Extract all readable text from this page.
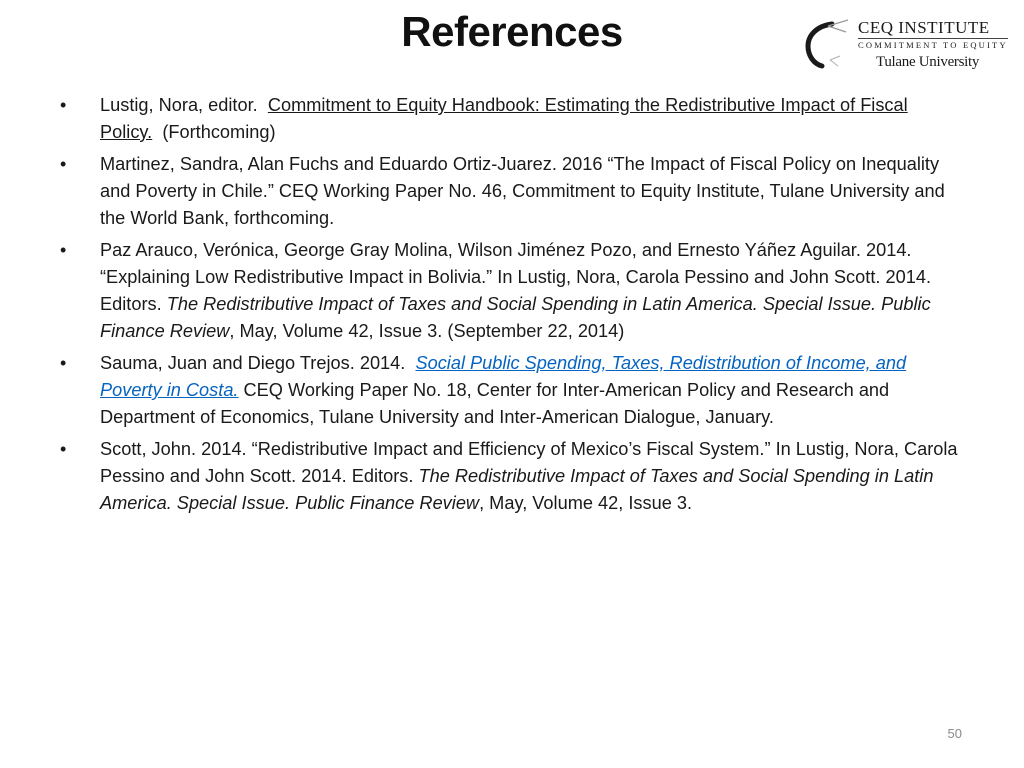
References	CEQ INSTITUTE
COMMITMENT TO EQUITY
Tulane University
• Lustig, Nora, editor. Commitment to Equity Handbook: Estimating the Redistributive Impact of Fiscal Policy. (Forthcoming)
• Martinez, Sandra, Alan Fuchs and Eduardo Ortiz-Juarez. 2016 “The Impact of Fiscal Policy on Inequality and Poverty in Chile.” CEQ Working Paper No. 46, Commitment to Equity Institute, Tulane University and the World Bank, forthcoming.
• Paz Arauco, Verónica, George Gray Molina, Wilson Jiménez Pozo, and Ernesto Yáñez Aguilar. 2014. “Explaining Low Redistributive Impact in Bolivia.” In Lustig, Nora, Carola Pessino and John Scott. 2014. Editors. The Redistributive Impact of Taxes and Social Spending in Latin America. Special Issue. Public Finance Review, May, Volume 42, Issue 3. (September 22, 2014)
• Sauma, Juan and Diego Trejos. 2014. Social Public Spending, Taxes, Redistribution of Income, and Poverty in Costa. CEQ Working Paper No. 18, Center for Inter-American Policy and Research and Department of Economics, Tulane University and Inter-American Dialogue, January.
• Scott, John. 2014. “Redistributive Impact and Efficiency of Mexico’s Fiscal System.” In Lustig, Nora, Carola Pessino and John Scott. 2014. Editors. The Redistributive Impact of Taxes and Social Spending in Latin America. Special Issue. Public Finance Review, May, Volume 42, Issue 3.
50
